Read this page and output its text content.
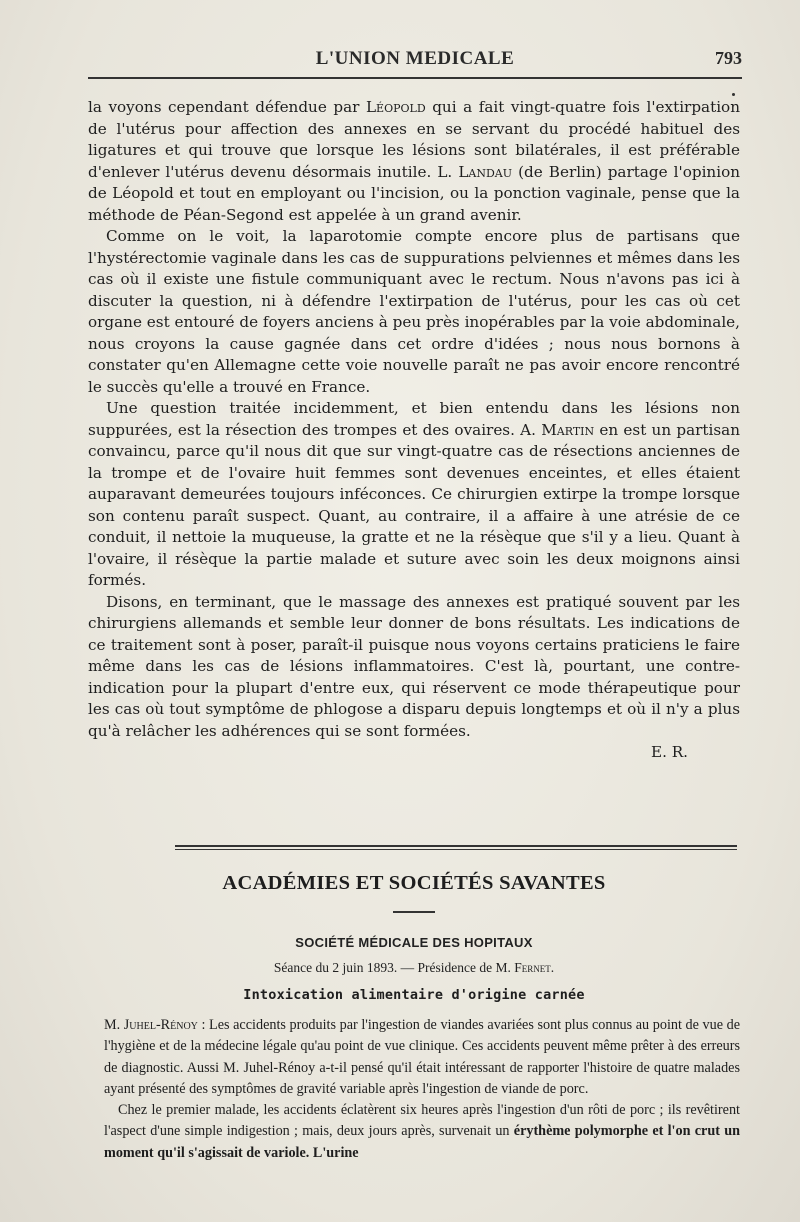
L'UNION MEDICALE	793

la voyons cependant défendue par Léopold qui a fait vingt-quatre fois l'extirpation de l'utérus pour affection des annexes en se servant du procédé habituel des ligatures et qui trouve que lorsque les lésions sont bilatérales, il est préférable d'enlever l'utérus devenu désormais inutile. L. Landau (de Berlin) partage l'opinion de Léopold et tout en employant ou l'incision, ou la ponction vaginale, pense que la méthode de Péan-Segond est appelée à un grand avenir.

Comme on le voit, la laparotomie compte encore plus de partisans que l'hystérectomie vaginale dans les cas de suppurations pelviennes et mêmes dans les cas où il existe une fistule communiquant avec le rectum. Nous n'avons pas ici à discuter la question, ni à défendre l'extirpation de l'utérus, pour les cas où cet organe est entouré de foyers anciens à peu près inopérables par la voie abdominale, nous croyons la cause gagnée dans cet ordre d'idées ; nous nous bornons à constater qu'en Allemagne cette voie nouvelle paraît ne pas avoir encore rencontré le succès qu'elle a trouvé en France.

Une question traitée incidemment, et bien entendu dans les lésions non suppurées, est la résection des trompes et des ovaires. A. Martin en est un partisan convaincu, parce qu'il nous dit que sur vingt-quatre cas de résections anciennes de la trompe et de l'ovaire huit femmes sont devenues enceintes, et elles étaient auparavant demeurées toujours inféconces. Ce chirurgien extirpe la trompe lorsque son contenu paraît suspect. Quant, au contraire, il a affaire à une atrésie de ce conduit, il nettoie la muqueuse, la gratte et ne la résèque que s'il y a lieu. Quant à l'ovaire, il résèque la partie malade et suture avec soin les deux moignons ainsi formés.

Disons, en terminant, que le massage des annexes est pratiqué souvent par les chirurgiens allemands et semble leur donner de bons résultats. Les indications de ce traitement sont à poser, paraît-il puisque nous voyons certains praticiens le faire même dans les cas de lésions inflammatoires. C'est là, pourtant, une contre-indication pour la plupart d'entre eux, qui réservent ce mode thérapeutique pour les cas où tout symptôme de phlogose a disparu depuis longtemps et où il n'y a plus qu'à relâcher les adhérences qui se sont formées.

E. R.
ACADÉMIES ET SOCIÉTÉS SAVANTES
SOCIÉTÉ MÉDICALE DES HOPITAUX
Séance du 2 juin 1893. — Présidence de M. Fernet.
Intoxication alimentaire d'origine carnée

M. Juhel-Rénoy : Les accidents produits par l'ingestion de viandes avariées sont plus connus au point de vue de l'hygiène et de la médecine légale qu'au point de vue clinique. Ces accidents peuvent même prêter à des erreurs de diagnostic. Aussi M. Juhel-Rénoy a-t-il pensé qu'il était intéressant de rapporter l'histoire de quatre malades ayant présenté des symptômes de gravité variable après l'ingestion de viande de porc.

Chez le premier malade, les accidents éclatèrent six heures après l'ingestion d'un rôti de porc ; ils revêtirent l'aspect d'une simple indigestion ; mais, deux jours après, survenait un érythème polymorphe et l'on crut un moment qu'il s'agissait de variole. L'urine
